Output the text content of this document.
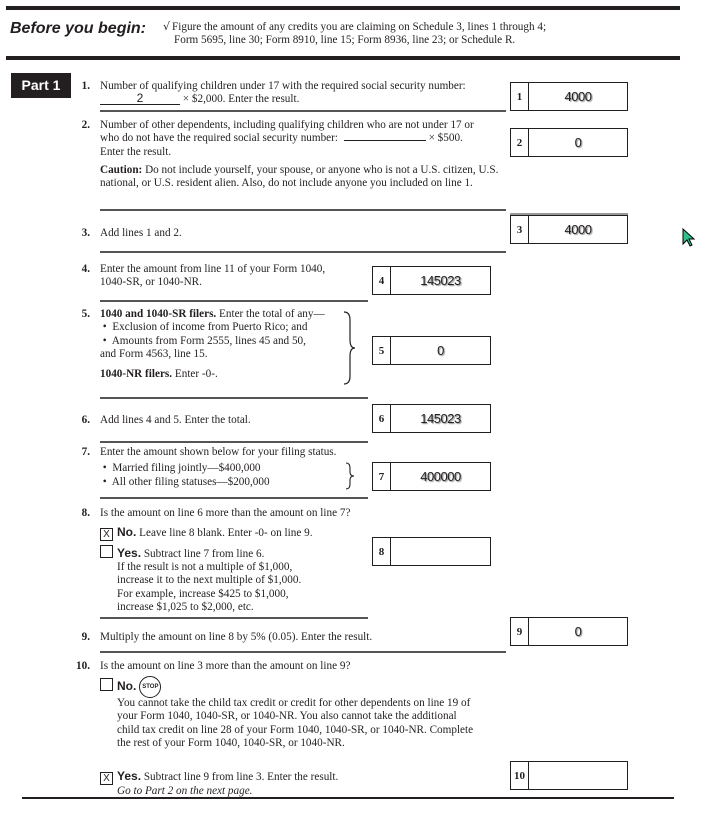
Before you begin: √ Figure the amount of any credits you are claiming on Schedule 3, lines 1 through 4;
Form 5695, line 30; Form 8910, line 15; Form 8936, line 23; or Schedule R.
Part 1	1. Number of qualifying children under 17 with the required social security number:
2	× $2,000. Enter the result.	1	4000
2. Number of other dependents, including qualifying children who are not under 17 or
who do not have the required social security number:	× $500.
Enter the result.
Caution: Do not include yourself, your spouse, or anyone who is not a U.S. citizen, U.S. national, or U.S. resident alien. Also, do not include anyone you included on line 1.
2	0
3. Add lines 1 and 2.	3	4000
4. Enter the amount from line 11 of your Form 1040,
1040-SR, or 1040-NR.	4	145023
5. 1040 and 1040-SR filers. Enter the total of any—
•  Exclusion of income from Puerto Rico; and
•  Amounts from Form 2555, lines 45 and 50,
and Form 4563, line 15.
1040-NR filers. Enter -0-.
5	0
6. Add lines 4 and 5. Enter the total.	6	145023
7. Enter the amount shown below for your filing status.
•  Married filing jointly—$400,000
•  All other filing statuses—$200,000	7	400000
8. Is the amount on line 6 more than the amount on line 7?
X No. Leave line 8 blank. Enter -0- on line 9.
Yes. Subtract line 7 from line 6.
If the result is not a multiple of $1,000,
increase it to the next multiple of $1,000.
For example, increase $425 to $1,000,
increase $1,025 to $2,000, etc.
8
9. Multiply the amount on line 8 by 5% (0.05). Enter the result.	9	0
10. Is the amount on line 3 more than the amount on line 9?
No. STOP
You cannot take the child tax credit or credit for other dependents on line 19 of
your Form 1040, 1040-SR, or 1040-NR. You also cannot take the additional
child tax credit on line 28 of your Form 1040, 1040-SR, or 1040-NR. Complete
the rest of your Form 1040, 1040-SR, or 1040-NR.
X Yes. Subtract line 9 from line 3. Enter the result.
Go to Part 2 on the next page.
10
